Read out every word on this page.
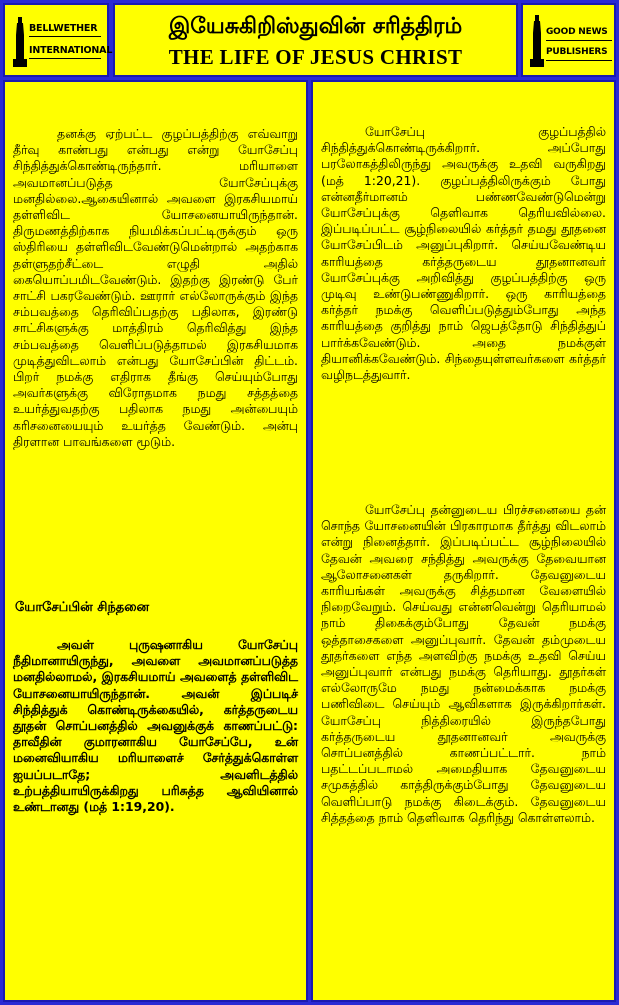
BELLWETHER
INTERNATIONAL
இயேசுகிறிஸ்துவின் சரித்திரம்
THE LIFE OF JESUS CHRIST
GOOD NEWS
PUBLISHERS

தனக்கு ஏற்பட்ட குழப்பத்திற்கு எவ்வாறு தீர்வு காண்பது என்பது என்று யோசேப்பு சிந்தித்துக்கொண்டிருந்தார். மரியாளை அவமானப்படுத்த யோசேப்புக்கு மனதில்லை.ஆகையினால் அவளை இரகசியமாய் தள்ளிவிட யோசனையாயிருந்தான். திருமணத்திற்காக நியமிக்கப்பட்டிருக்கும் ஒரு ஸ்திரியை தள்ளிவிடவேண்டுமென்றால் அதற்காக தள்ளுதற்சீட்டை எழுதி அதில் கையொப்பமிடவேண்டும். இதற்கு இரண்டு பேர் சாட்சி பகரவேண்டும். ஊரார் எல்லோருக்கும் இந்த சம்பவத்தை தெரிவிப்பதற்கு பதிலாக, இரண்டு சாட்சிகளுக்கு மாத்திரம் தெரிவித்து இந்த சம்பவத்தை வெளிப்படுத்தாமல் இரகசியமாக முடித்துவிடலாம் என்பது யோசேப்பின் திட்டம். பிறர் நமக்கு எதிராக தீங்கு செய்யும்போது அவர்களுக்கு விரோதமாக நமது சத்தத்தை உயர்த்துவதற்கு பதிலாக நமது அன்பையும் கரிசனையையும் உயர்த்த வேண்டும். அன்பு திரளான பாவங்களை மூடும்.

யோசேப்பின் சிந்தனை

அவள் புருஷனாகிய யோசேப்பு நீதிமானாயிருந்து, அவளை அவமானப்படுத்த மனதில்லாமல், இரகசியமாய் அவளைத் தள்ளிவிட யோசனையாயிருந்தான். அவன் இப்படிச் சிந்தித்துக் கொண்டிருக்கையில், கர்த்தருடைய தூதன் சொப்பனத்தில் அவனுக்குக் காணப்பட்டு: தாவீதின் குமாரனாகிய யோசேப்பே, உன் மனைவியாகிய மரியாளைச் சேர்த்துக்கொள்ள ஐயப்படாதே; அவளிடத்தில் உற்பத்தியாயிருக்கிறது பரிசுத்த ஆவியினால் உண்டானது (மத் 1:19,20).

யோசேப்பு குழப்பத்தில் சிந்தித்துக்கொண்டிருக்கிறார். அப்போது பரலோகத்திலிருந்து அவருக்கு உதவி வருகிறது (மத் 1:20,21). குழப்பத்திலிருக்கும் போது என்னதீர்மானம் பண்ணவேண்டுமென்று யோசேப்புக்கு தெளிவாக தெரியவில்லை. இப்படிப்பட்ட சூழ்நிலையில் கர்த்தர் தமது தூதனை யோசேப்பிடம் அனுப்புகிறார். செய்யவேண்டிய காரியத்தை கர்த்தருடைய தூதனானவர் யோசேப்புக்கு அறிவித்து குழப்பத்திற்கு ஒரு முடிவு உண்டுபண்ணுகிறார். ஒரு காரியத்தை கர்த்தர் நமக்கு வெளிப்படுத்தும்போது அந்த காரியத்தை குறித்து நாம் ஜெபத்தோடு சிந்தித்துப் பார்க்கவேண்டும். அதை நமக்குள் தியானிக்கவேண்டும். சிந்தையுள்ளவர்களை கர்த்தர் வழிநடத்துவார்.

யோசேப்பு தன்னுடைய பிரச்சனையை தன் சொந்த யோசனையின் பிரகாரமாக தீர்த்து விடலாம் என்று நினைத்தார். இப்படிப்பட்ட சூழ்நிலையில் தேவன் அவரை சந்தித்து அவருக்கு தேவையான ஆலோசனைகள் தருகிறார். தேவனுடைய காரியங்கள் அவருக்கு சித்தமான வேளையில் நிறைவேறும். செய்வது என்னவென்று தெரியாமல் நாம் திகைக்கும்போது தேவன் நமக்கு ஒத்தாசைகளை அனுப்புவார். தேவன் தம்முடைய தூதர்களை எந்த அளவிற்கு நமக்கு உதவி செய்ய அனுப்புவார் என்பது நமக்கு தெரியாது. தூதர்கள் எல்லோருமே நமது நன்மைக்காக நமக்கு பணிவிடை செய்யும் ஆவிகளாக இருக்கிறார்கள். யோசேப்பு நித்திரையில் இருந்தபோது கர்த்தருடைய தூதனானவர் அவருக்கு சொப்பனத்தில் காணப்பட்டார். நாம் பதட்டப்படாமல் அமைதியாக தேவனுடைய சமுகத்தில் காத்திருக்கும்போது தேவனுடைய வெளிப்பாடு நமக்கு கிடைக்கும். தேவனுடைய சித்தத்தை நாம் தெளிவாக தெரிந்து கொள்ளலாம்.
